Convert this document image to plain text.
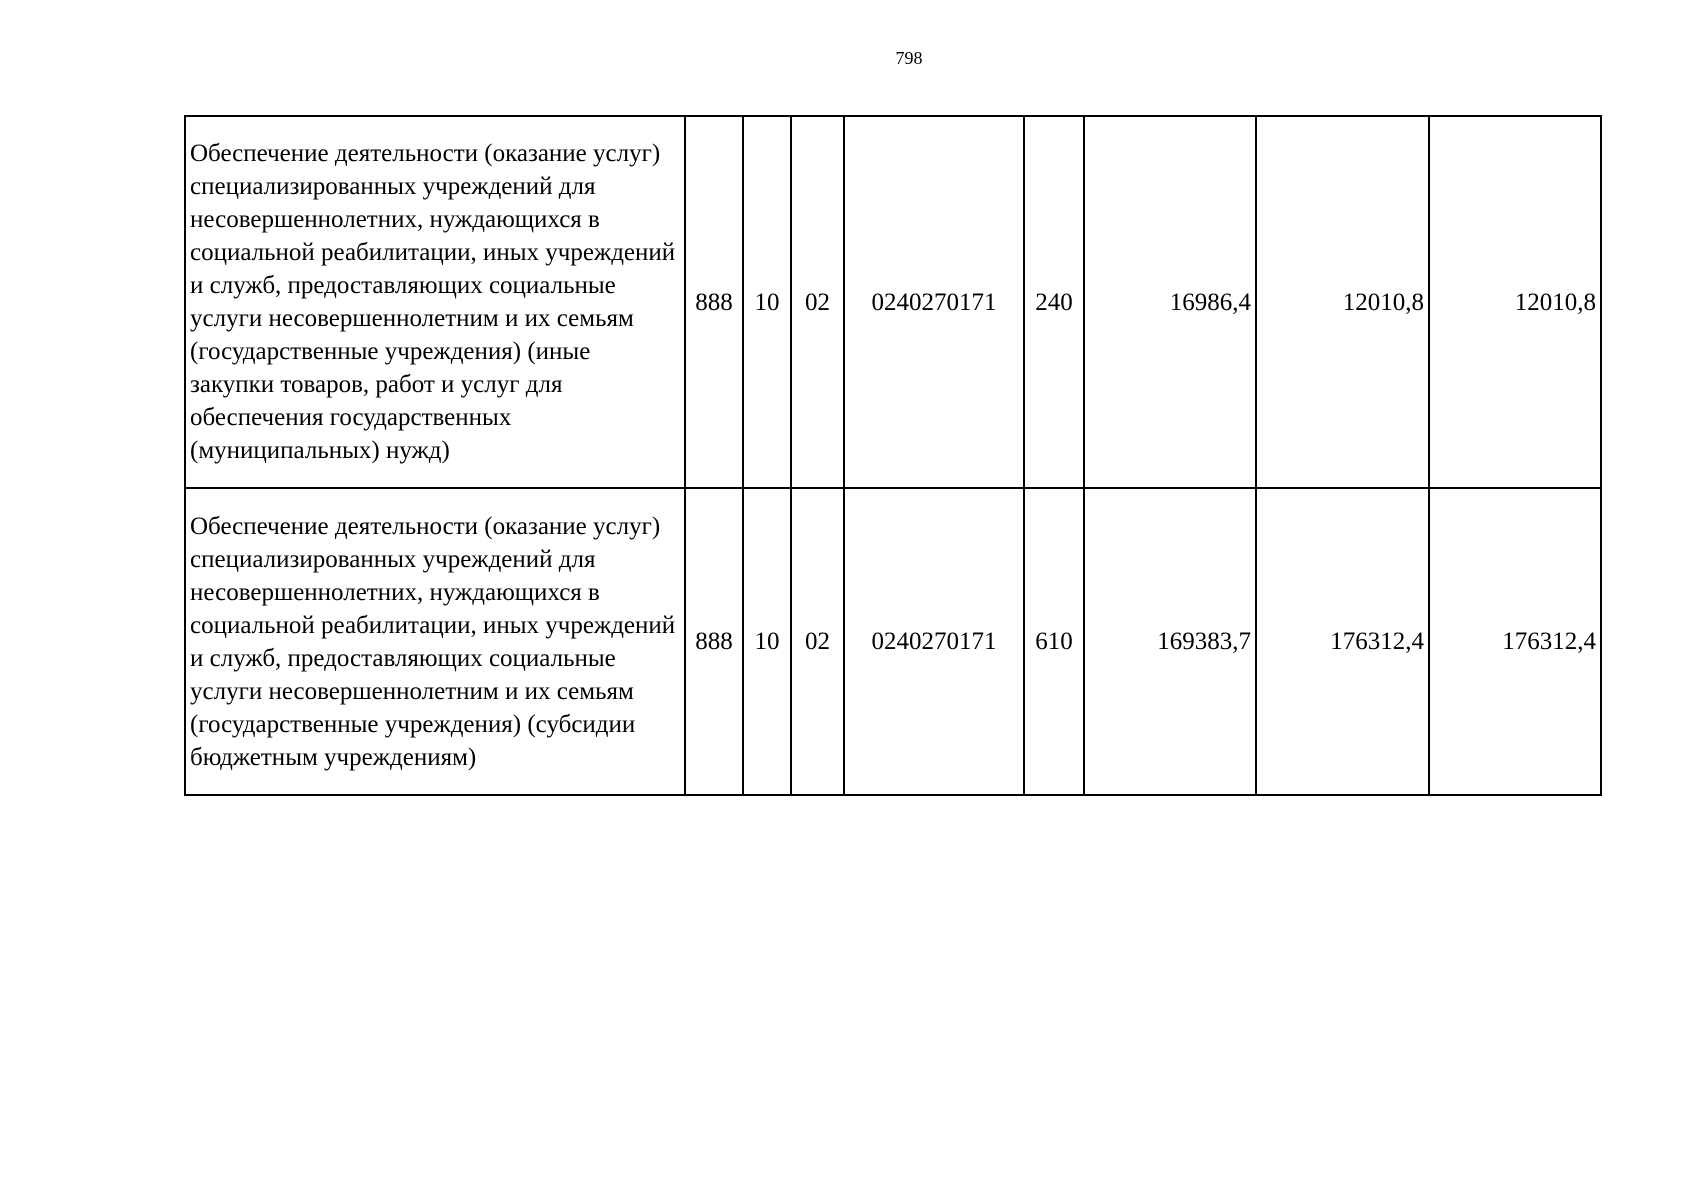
798
Обеспечение деятельности (оказание услуг) специализированных учреждений для несовершеннолетних, нуждающихся в социальной реабилитации, иных учреждений и служб, предоставляющих социальные услуги несовершеннолетним и их семьям (государственные учреждения) (иные закупки товаров, работ и услуг для обеспечения государственных (муниципальных) нужд)	888	10	02	0240270171	240	16986,4	12010,8	12010,8
Обеспечение деятельности (оказание услуг) специализированных учреждений для несовершеннолетних, нуждающихся в социальной реабилитации, иных учреждений и служб, предоставляющих социальные услуги несовершеннолетним и их семьям (государственные учреждения) (субсидии бюджетным учреждениям)	888	10	02	0240270171	610	169383,7	176312,4	176312,4
